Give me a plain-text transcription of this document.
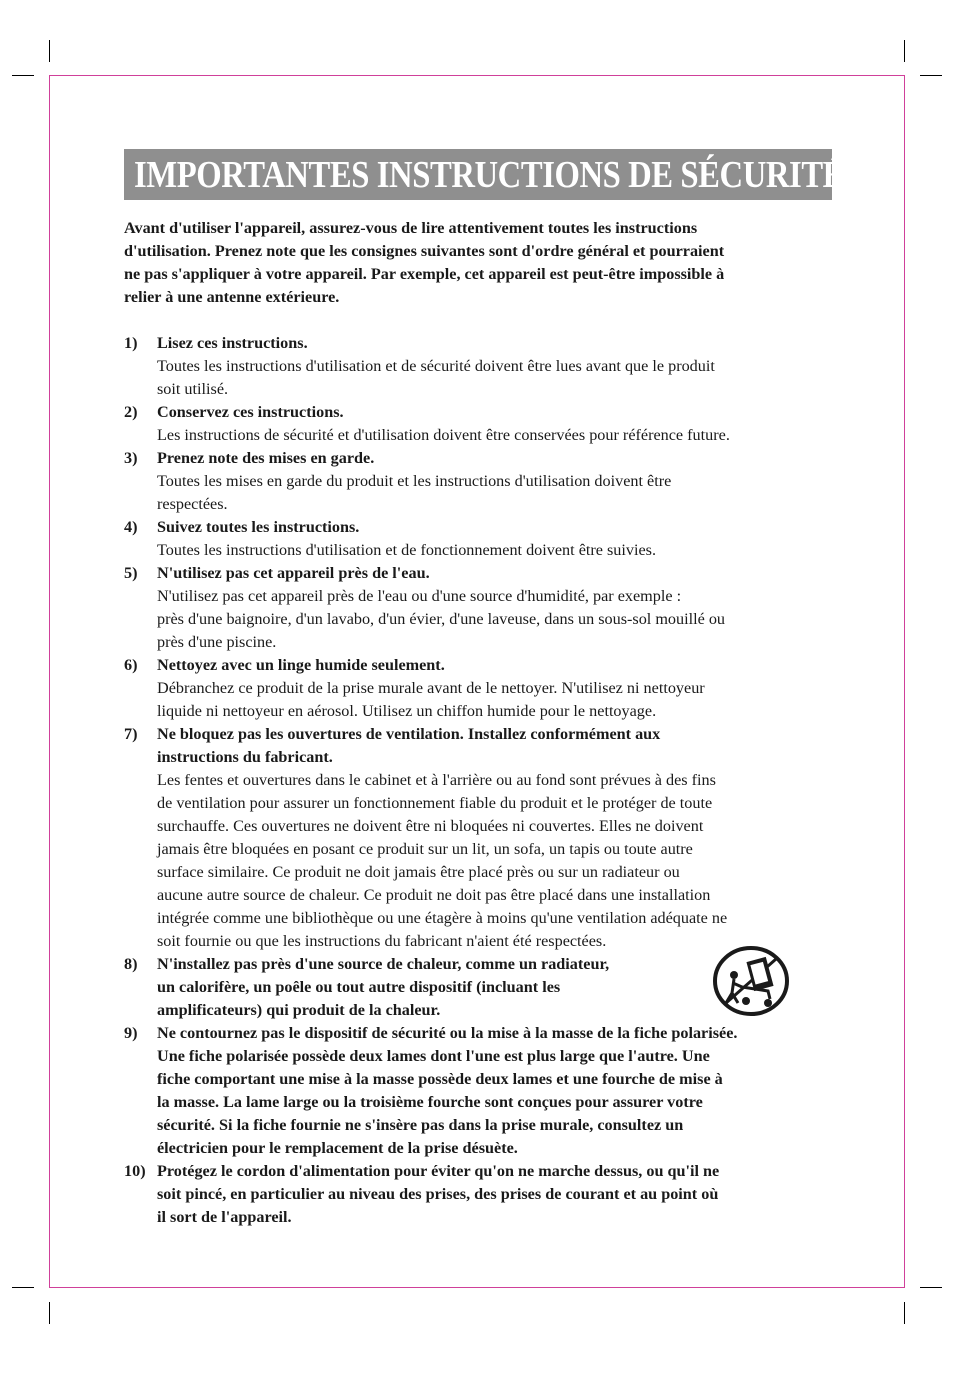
IMPORTANTES INSTRUCTIONS DE SÉCURITÉ
Avant d'utiliser l'appareil, assurez-vous de lire attentivement toutes les instructions
d'utilisation. Prenez note que les consignes suivantes sont d'ordre général et pourraient
ne pas s'appliquer à votre appareil. Par exemple, cet appareil est peut-être impossible à
relier à une antenne extérieure.
1) Lisez ces instructions.
Toutes les instructions d'utilisation et de sécurité doivent être lues avant que le produit
soit utilisé.
2) Conservez ces instructions.
Les instructions de sécurité et d'utilisation doivent être conservées pour référence future.
3) Prenez note des mises en garde.
Toutes les mises en garde du produit et les instructions d'utilisation doivent être
respectées.
4) Suivez toutes les instructions.
Toutes les instructions d'utilisation et de fonctionnement doivent être suivies.
5) N'utilisez pas cet appareil près de l'eau.
N'utilisez pas cet appareil près de l'eau ou d'une source d'humidité, par exemple :
près d'une baignoire, d'un lavabo, d'un évier, d'une laveuse, dans un sous-sol mouillé ou
près d'une piscine.
6) Nettoyez avec un linge humide seulement.
Débranchez ce produit de la prise murale avant de le nettoyer. N'utilisez ni nettoyeur
liquide ni nettoyeur en aérosol. Utilisez un chiffon humide pour le nettoyage.
7) Ne bloquez pas les ouvertures de ventilation. Installez conformément aux
instructions du fabricant.
Les fentes et ouvertures dans le cabinet et à l'arrière ou au fond sont prévues à des fins
de ventilation pour assurer un fonctionnement fiable du produit et le protéger de toute
surchauffe. Ces ouvertures ne doivent être ni bloquées ni couvertes. Elles ne doivent
jamais être bloquées en posant ce produit sur un lit, un sofa, un tapis ou toute autre
surface similaire. Ce produit ne doit jamais être placé près ou sur un radiateur ou
aucune autre source de chaleur. Ce produit ne doit pas être placé dans une installation
intégrée comme une bibliothèque ou une étagère à moins qu'une ventilation adéquate ne
soit fournie ou que les instructions du fabricant n'aient été respectées.
8) N'installez pas près d'une source de chaleur, comme un radiateur,
un calorifère, un poêle ou tout autre dispositif (incluant les
amplificateurs) qui produit de la chaleur.
9) Ne contournez pas le dispositif de sécurité ou la mise à la masse de la fiche polarisée.
Une fiche polarisée possède deux lames dont l'une est plus large que l'autre. Une
fiche comportant une mise à la masse possède deux lames et une fourche de mise à
la masse. La lame large ou la troisième fourche sont conçues pour assurer votre
sécurité. Si la fiche fournie ne s'insère pas dans la prise murale, consultez un
électricien pour le remplacement de la prise désuète.
10) Protégez le cordon d'alimentation pour éviter qu'on ne marche dessus, ou qu'il ne
soit pincé, en particulier au niveau des prises, des prises de courant et au point où
il sort de l'appareil.
